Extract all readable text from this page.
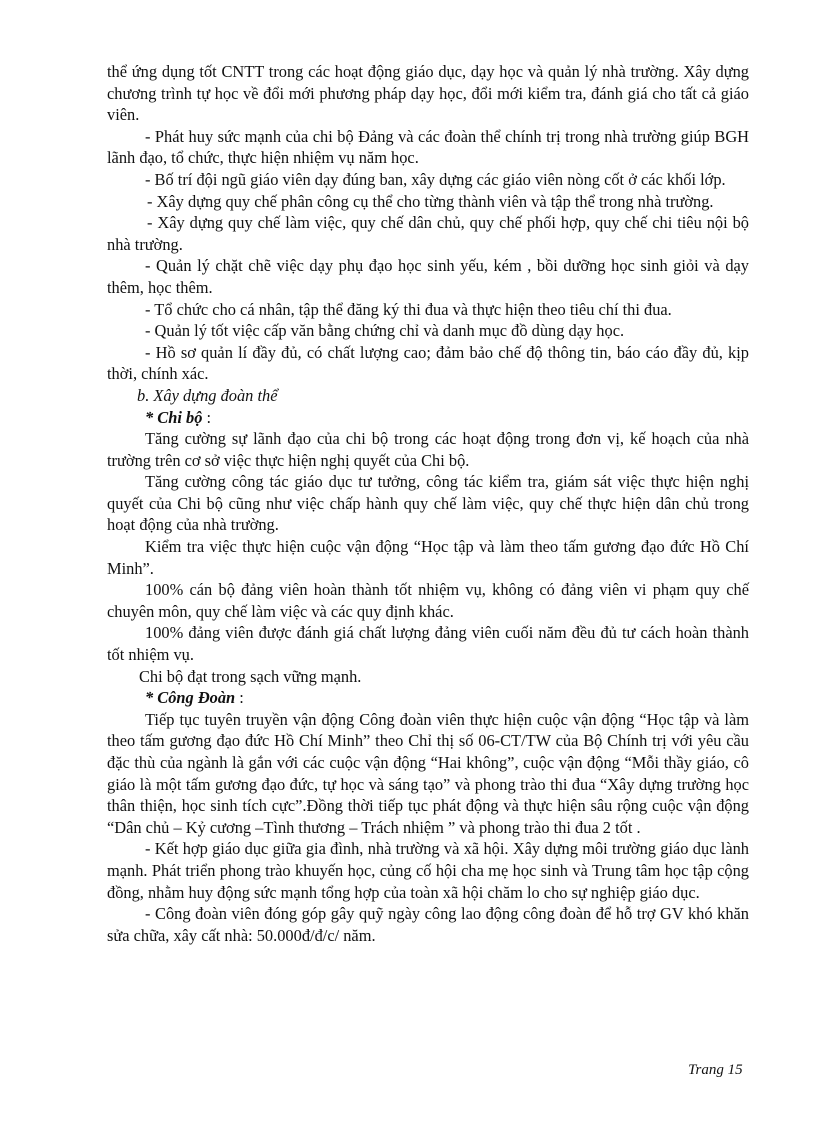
thể ứng dụng tốt CNTT trong các hoạt động giáo dục, dạy học và quản lý nhà trường. Xây dựng chương trình tự học về đổi mới phương pháp dạy học, đổi mới kiểm tra, đánh giá cho tất cả giáo viên.

- Phát huy sức mạnh của chi bộ Đảng và các đoàn thể chính trị trong nhà trường giúp BGH lãnh đạo, tổ chức, thực hiện nhiệm vụ năm học.

- Bố trí đội ngũ giáo viên dạy đúng ban, xây dựng các giáo viên nòng cốt ở các khối lớp.

- Xây dựng quy chế phân công cụ thể cho từng thành viên và tập thể trong nhà trường.

- Xây dựng quy chế làm việc, quy chế dân chủ, quy chế phối hợp, quy chế chi tiêu nội bộ nhà trường.

- Quản lý chặt chẽ việc dạy phụ đạo học sinh yếu, kém , bồi dưỡng học sinh giỏi và dạy thêm, học thêm.

- Tổ chức cho cá nhân, tập thể đăng ký thi đua và thực hiện theo tiêu chí thi đua.

- Quản lý tốt việc cấp văn bằng chứng chỉ và danh mục đồ dùng dạy học.

- Hồ sơ quản lí đầy đủ, có chất lượng cao; đảm bảo chế độ thông tin, báo cáo đầy đủ, kịp thời, chính xác.

b. Xây dựng đoàn thể

* Chi bộ :

Tăng cường sự lãnh đạo của chi bộ trong các hoạt động trong đơn vị, kế hoạch của nhà trường trên cơ sở việc thực hiện nghị quyết của Chi bộ.

Tăng cường công tác giáo dục tư tưởng, công tác kiểm tra, giám sát việc thực hiện nghị quyết của Chi bộ cũng như việc chấp hành quy chế làm việc, quy chế thực hiện dân chủ trong hoạt động của nhà trường.

Kiểm tra việc thực hiện cuộc vận động “Học tập và làm theo tấm gương đạo đức Hồ Chí Minh”.

100% cán bộ đảng viên hoàn thành tốt nhiệm vụ, không có đảng viên vi phạm quy chế chuyên môn, quy chế làm việc và các quy định khác.

100% đảng viên được đánh giá chất lượng đảng viên cuối năm đều đủ tư cách hoàn thành tốt nhiệm vụ.

Chi bộ đạt trong sạch vững mạnh.

* Công Đoàn :

Tiếp tục tuyên truyền vận động Công đoàn viên thực hiện cuộc vận động “Học tập và làm theo tấm gương đạo đức Hồ Chí Minh” theo Chỉ thị số 06-CT/TW của Bộ Chính trị với yêu cầu đặc thù của ngành là gắn với các cuộc vận động “Hai không”, cuộc vận động “Mỗi thầy giáo, cô giáo là một tấm gương đạo đức, tự học và sáng tạo” và phong trào thi đua “Xây dựng trường học thân thiện, học sinh tích cực”.Đồng thời tiếp tục phát động và thực hiện sâu rộng cuộc vận động “Dân chủ – Kỷ cương –Tình thương – Trách nhiệm ” và phong trào thi đua 2 tốt .

- Kết hợp giáo dục giữa gia đình, nhà trường và xã hội. Xây dựng môi trường giáo dục lành mạnh. Phát triển phong trào khuyến học, củng cố hội cha mẹ học sinh và Trung tâm học tập cộng đồng, nhằm huy động sức mạnh tổng hợp của toàn xã hội chăm lo cho sự nghiệp giáo dục.

- Công đoàn viên đóng góp gây quỹ ngày công lao động công đoàn để hỗ trợ GV khó khăn sửa chữa, xây cất nhà: 50.000đ/đ/c/ năm.

Trang 15
